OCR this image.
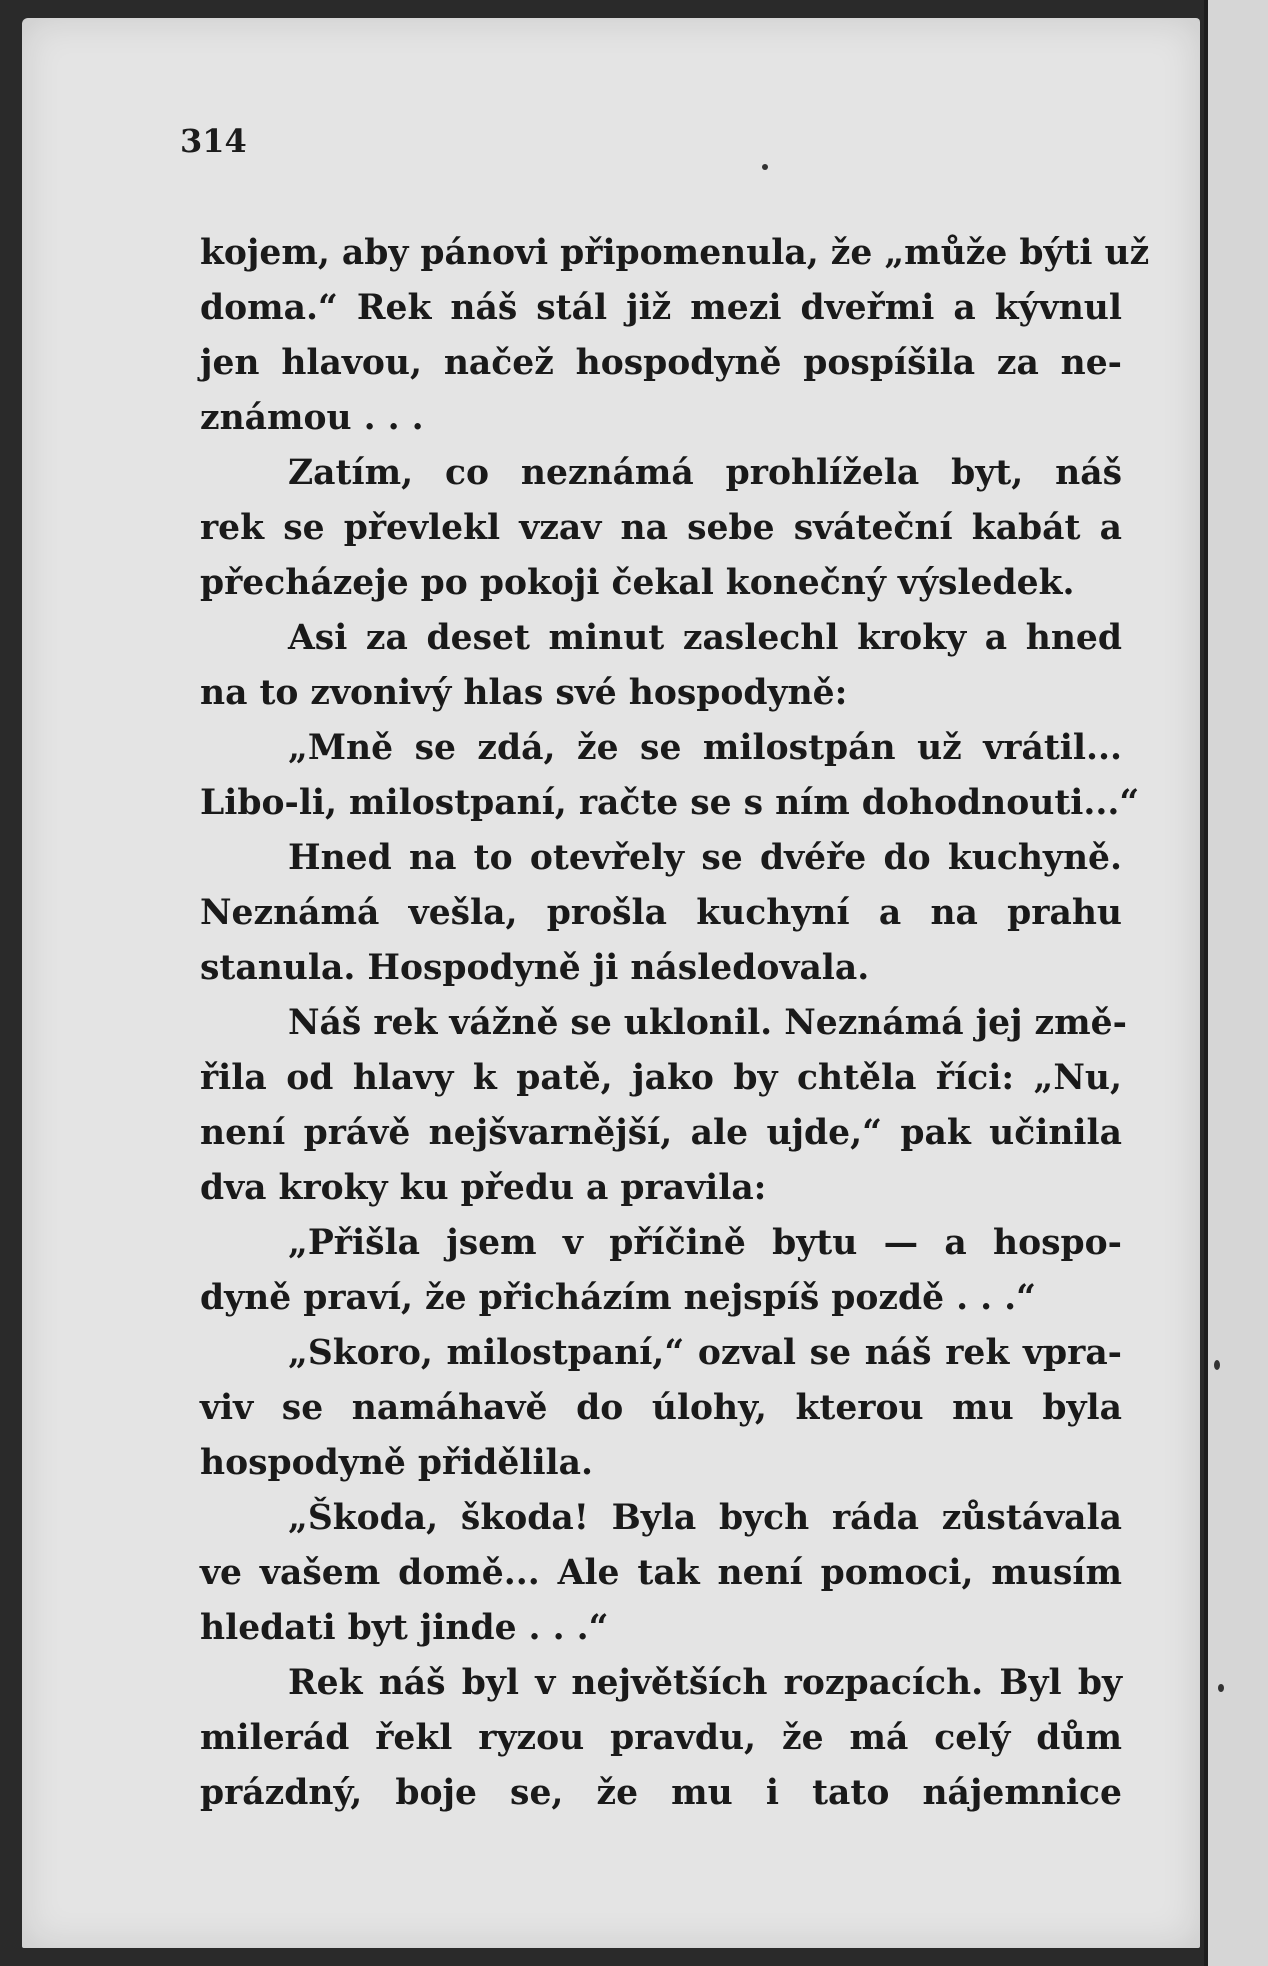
314
kojem, aby pánovi připomenula, že „může býti už
doma.“ Rek náš stál již mezi dveřmi a kývnul
jen hlavou, načež hospodyně pospíšila za ne-
známou . . .
Zatím, co neznámá prohlížela byt, náš
rek se převlekl vzav na sebe sváteční kabát a
přecházeje po pokoji čekal konečný výsledek.
Asi za deset minut zaslechl kroky a hned
na to zvonivý hlas své hospodyně:
„Mně se zdá, že se milostpán už vrátil...
Libo-li, milostpaní, račte se s ním dohodnouti...“
Hned na to otevřely se dvéře do kuchyně.
Neznámá vešla, prošla kuchyní a na prahu
stanula. Hospodyně ji následovala.
Náš rek vážně se uklonil. Neznámá jej změ-
řila od hlavy k patě, jako by chtěla říci: „Nu,
není právě nejšvarnější, ale ujde,“ pak učinila
dva kroky ku předu a pravila:
„Přišla jsem v příčině bytu — a hospo-
dyně praví, že přicházím nejspíš pozdě . . .“
„Skoro, milostpaní,“ ozval se náš rek vpra-
viv se namáhavě do úlohy, kterou mu byla
hospodyně přidělila.
„Škoda, škoda! Byla bych ráda zůstávala
ve vašem domě... Ale tak není pomoci, musím
hledati byt jinde . . .“
Rek náš byl v největších rozpacích. Byl by
milerád řekl ryzou pravdu, že má celý dům
prázdný, boje se, že mu i tato nájemnice
